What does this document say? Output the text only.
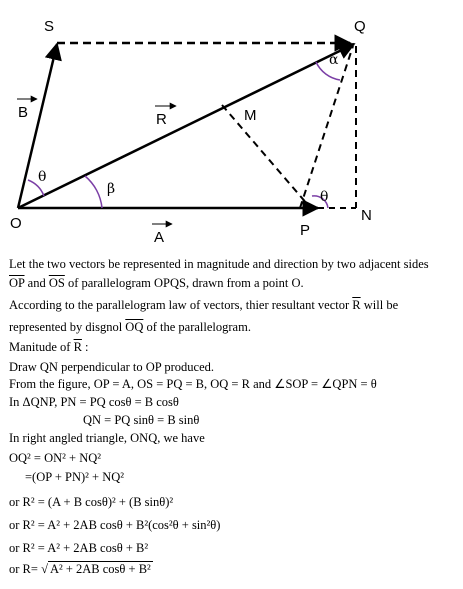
S	Q
O	P
N
M
B	R
A
θ
β
α
θ
Let the two vectors be represented in magnitude and direction by two adjacent sides
$\overline{OP}$ and $\overline{OS}$ of parallelogram OPQS, drawn from a point O.
According to the parallelogram law of vectors, thier resultant vector $\overline{R}$ will be
represented by disgnol $\overline{OQ}$ of the parallelogram.
Manitude of $\overline{R}$ :
Draw QN perpendicular to OP produced.
From the figure, OP = A, OS = PQ = B, OQ = R and ∠SOP = ∠QPN = θ
In ΔQNP, PN = PQ cosθ = B cosθ
QN = PQ sinθ = B sinθ
In right angled triangle, ONQ, we have
OQ² = ON² + NQ²
=(OP + PN)² + NQ²
or R² = (A + B cosθ)² + (B sinθ)²
or R² = A² + 2AB cosθ + B²(cos²θ + sin²θ)
or R² = A² + 2AB cosθ + B²
or R= √ A² + 2AB cosθ + B²
